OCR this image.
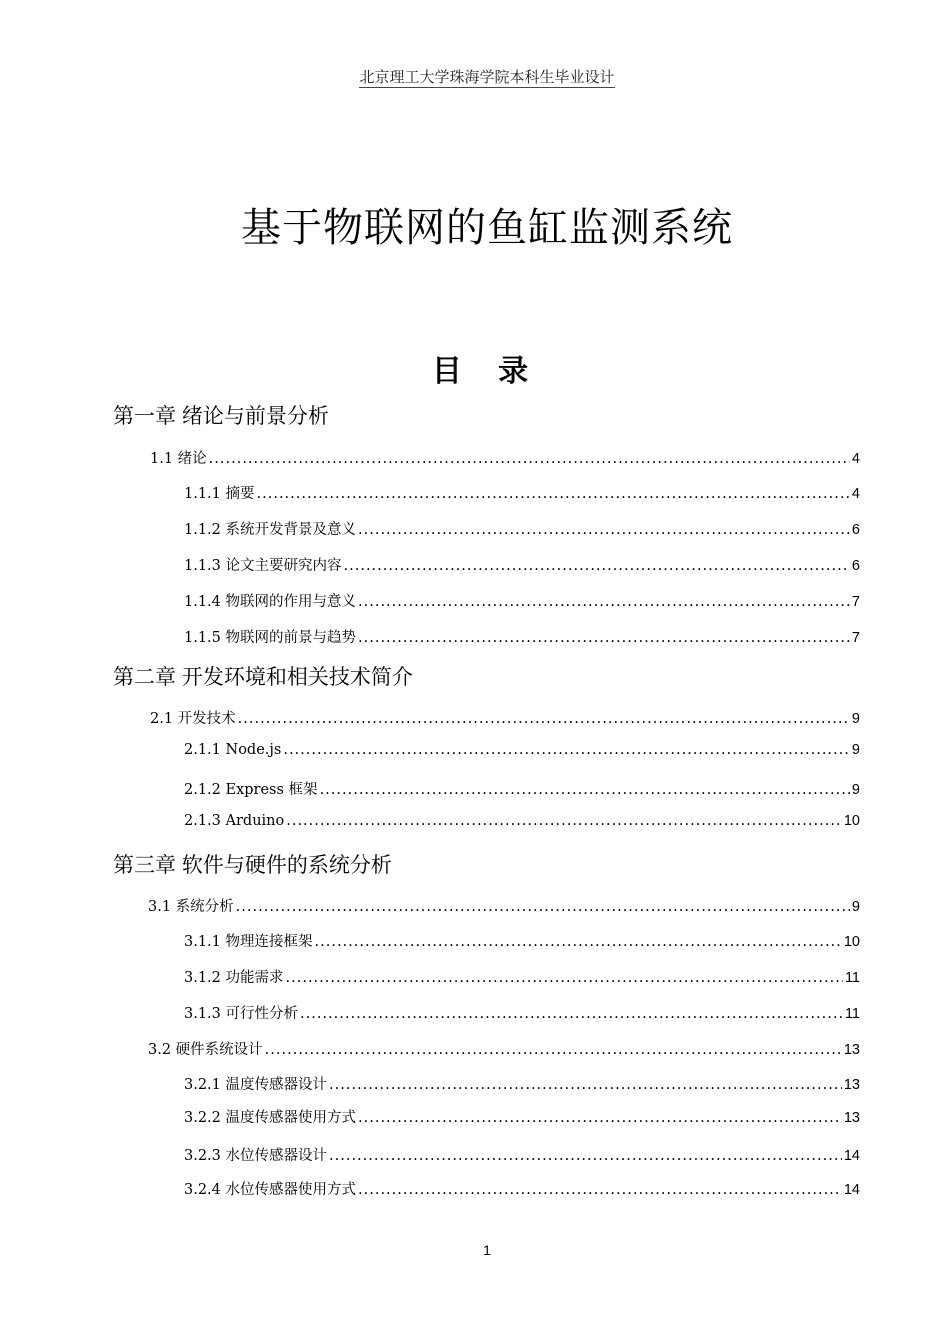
北京理工大学珠海学院本科生毕业设计
基于物联网的鱼缸监测系统
目 录
第一章 绪论与前景分析
1.1 绪论 .....	4
1.1.1 摘要 .....	4
1.1.2 系统开发背景及意义 .....	6
1.1.3 论文主要研究内容 .....	6
1.1.4 物联网的作用与意义 .....	7
1.1.5 物联网的前景与趋势 .....	7
第二章 开发环境和相关技术简介
2.1 开发技术 .....	9
2.1.1 Node.js .....	9
2.1.2 Express 框架 .....	9
2.1.3 Arduino .....	10
第三章 软件与硬件的系统分析
3.1 系统分析 .....	9
3.1.1 物理连接框架 .....	10
3.1.2 功能需求 .....	11
3.1.3 可行性分析 .....	11
3.2 硬件系统设计 .....	13
3.2.1 温度传感器设计 .....	13
3.2.2 温度传感器使用方式 .....	13
3.2.3 水位传感器设计 .....	14
3.2.4 水位传感器使用方式 .....	14
1
